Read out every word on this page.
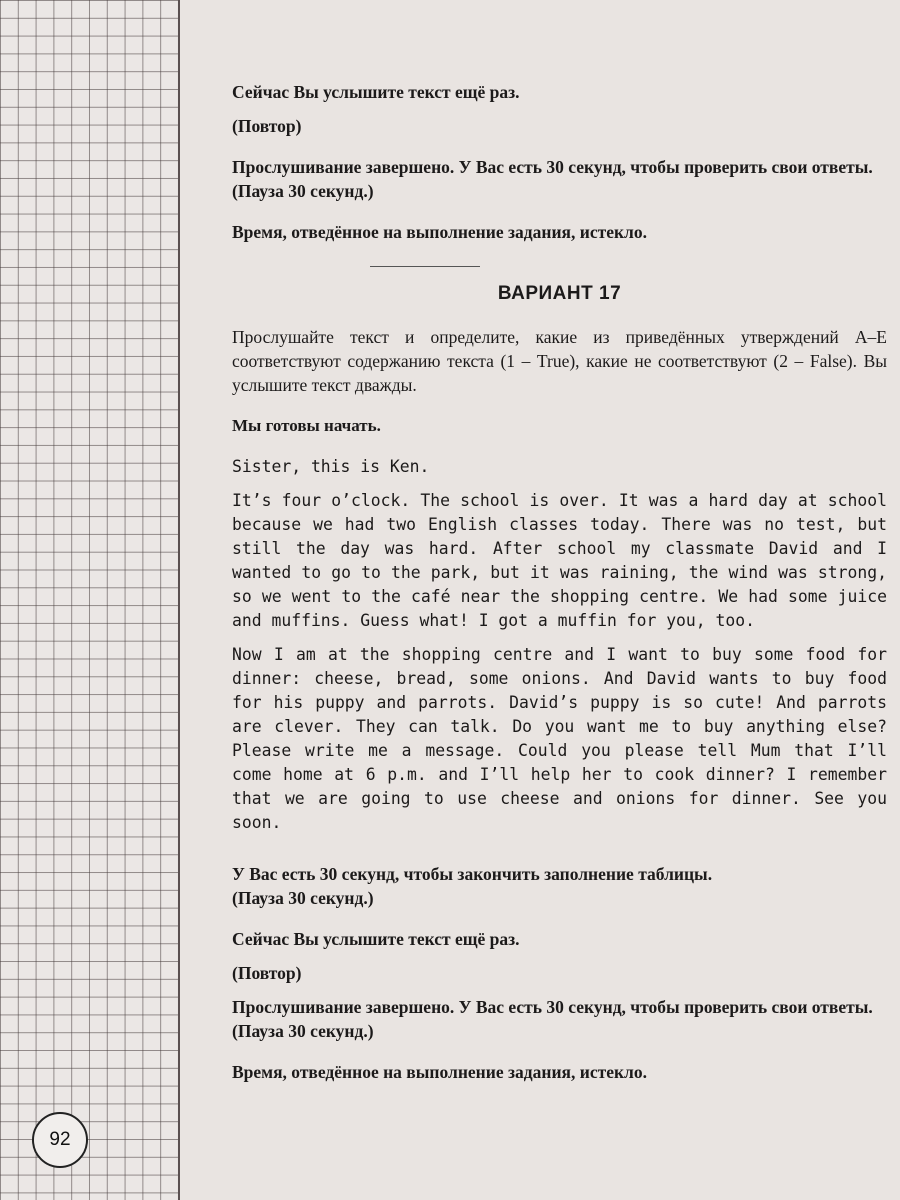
92

Сейчас Вы услышите текст ещё раз.

(Повтор)

Прослушивание завершено. У Вас есть 30 секунд, чтобы проверить свои ответы.

(Пауза 30 секунд.)

Время, отведённое на выполнение задания, истекло.

ВАРИАНТ 17

Прослушайте текст и определите, какие из приведённых утверждений А–Е соответствуют содержанию текста (1 – True), какие не соответствуют (2 – False). Вы услышите текст дважды.

Мы готовы начать.

Sister, this is Ken.

It’s four o’clock. The school is over. It was a hard day at school because we had two English classes today. There was no test, but still the day was hard. After school my classmate David and I wanted to go to the park, but it was raining, the wind was strong, so we went to the café near the shopping centre. We had some juice and muffins. Guess what! I got a muffin for you, too.

Now I am at the shopping centre and I want to buy some food for dinner: cheese, bread, some onions. And David wants to buy food for his puppy and parrots. David’s puppy is so cute! And parrots are clever. They can talk. Do you want me to buy anything else? Please write me a message. Could you please tell Mum that I’ll come home at 6 p.m. and I’ll help her to cook dinner? I remember that we are going to use cheese and onions for dinner. See you soon.

У Вас есть 30 секунд, чтобы закончить заполнение таблицы.

(Пауза 30 секунд.)

Сейчас Вы услышите текст ещё раз.

(Повтор)

Прослушивание завершено. У Вас есть 30 секунд, чтобы проверить свои ответы.

(Пауза 30 секунд.)

Время, отведённое на выполнение задания, истекло.
